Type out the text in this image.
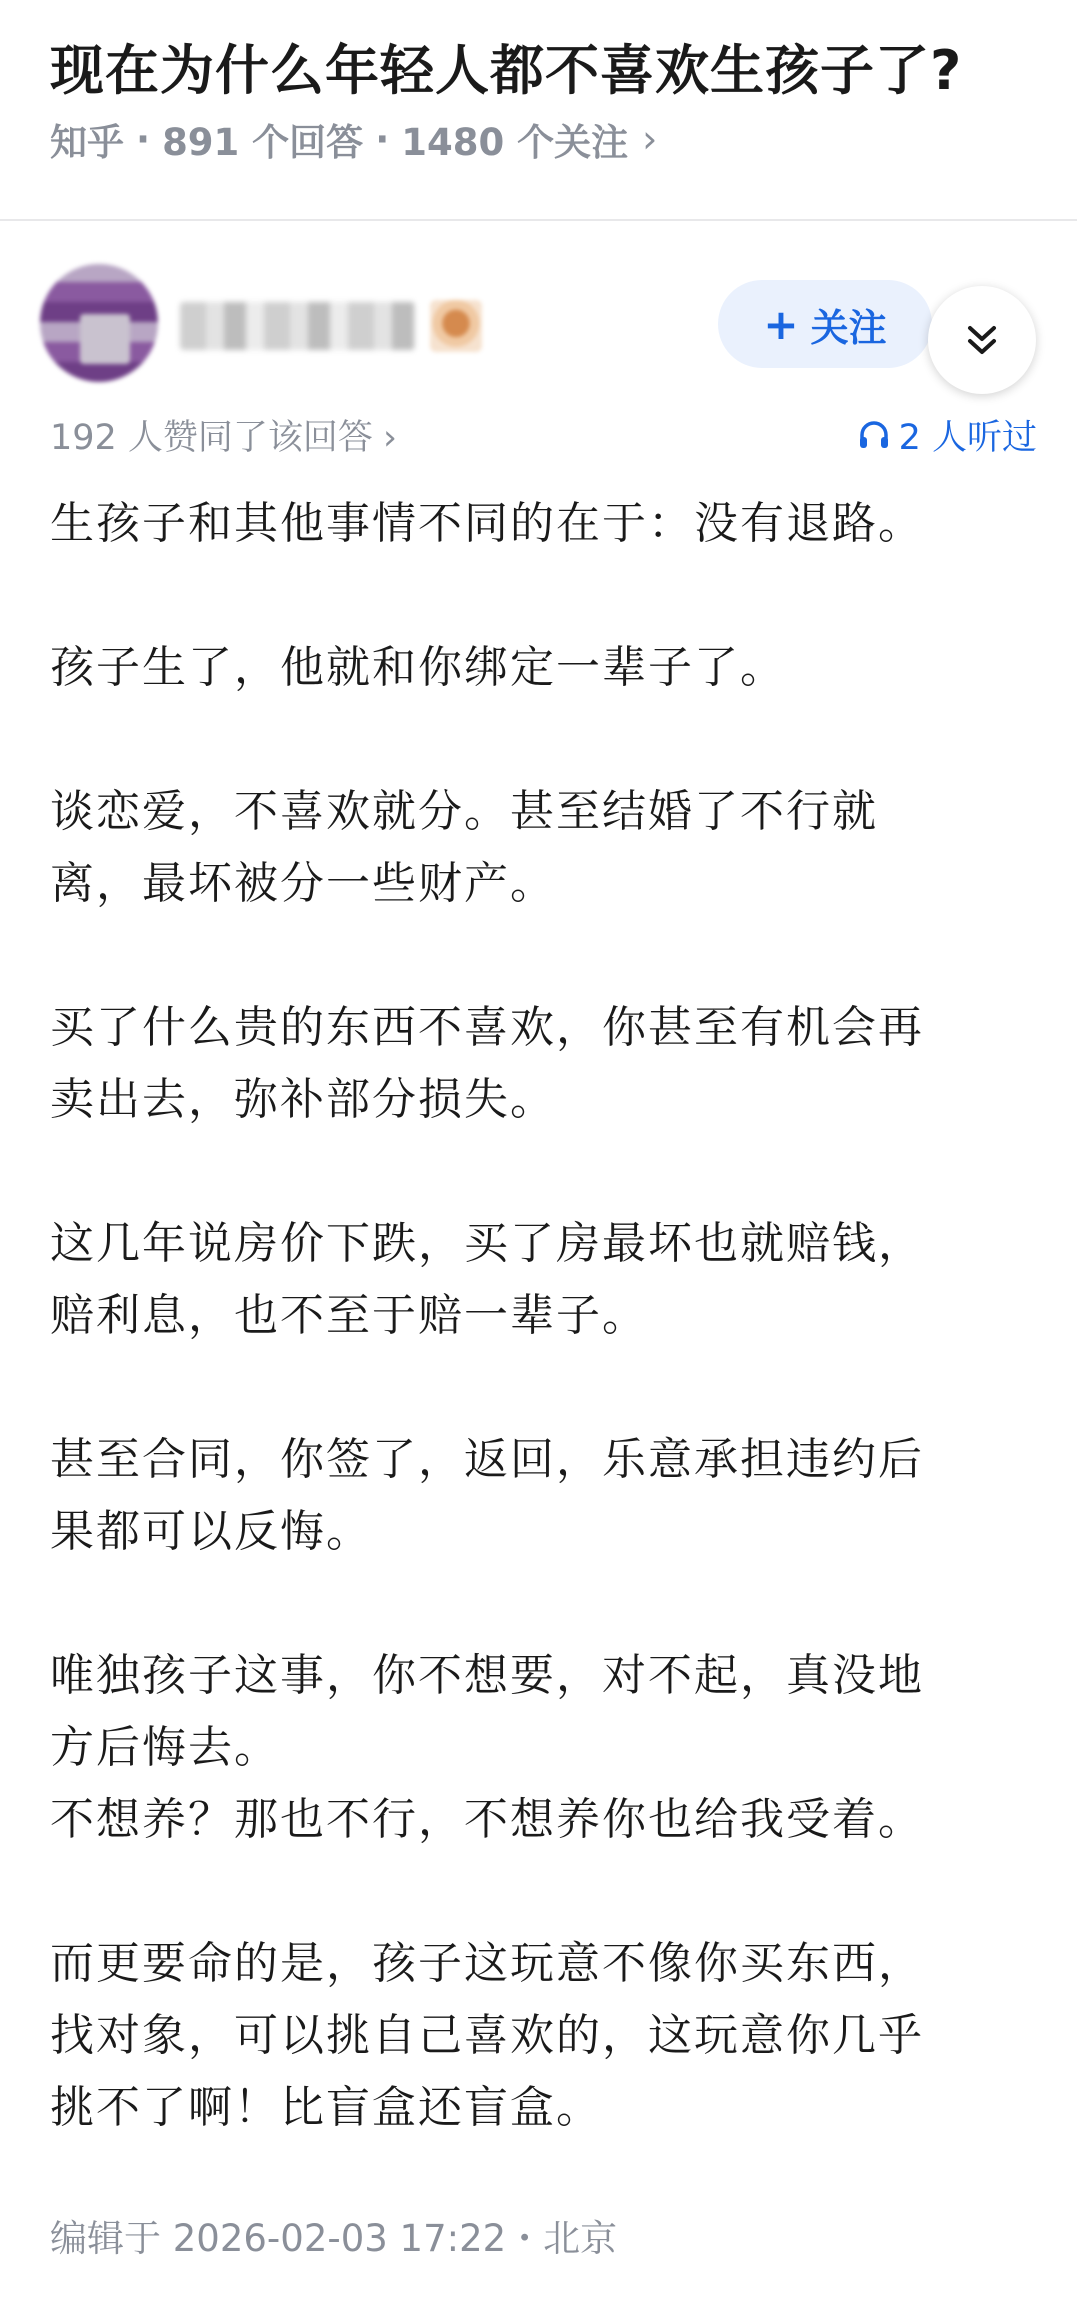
现在为什么年轻人都不喜欢生孩子了?
知乎 · 891 个回答 · 1480 个关注 ›
+ 关注
192 人赞同了该回答 ›	2 人听过

生孩子和其他事情不同的在于：没有退路。

孩子生了，他就和你绑定一辈子了。

谈恋爱，不喜欢就分。甚至结婚了不行就

离，最坏被分一些财产。

买了什么贵的东西不喜欢，你甚至有机会再

卖出去，弥补部分损失。

这几年说房价下跌，买了房最坏也就赔钱，

赔利息，也不至于赔一辈子。

甚至合同，你签了，返回，乐意承担违约后

果都可以反悔。

唯独孩子这事，你不想要，对不起，真没地

方后悔去。

不想养？那也不行，不想养你也给我受着。

而更要命的是，孩子这玩意不像你买东西，

找对象，可以挑自己喜欢的，这玩意你几乎

挑不了啊！比盲盒还盲盒。

编辑于 2026-02-03 17:22・北京
